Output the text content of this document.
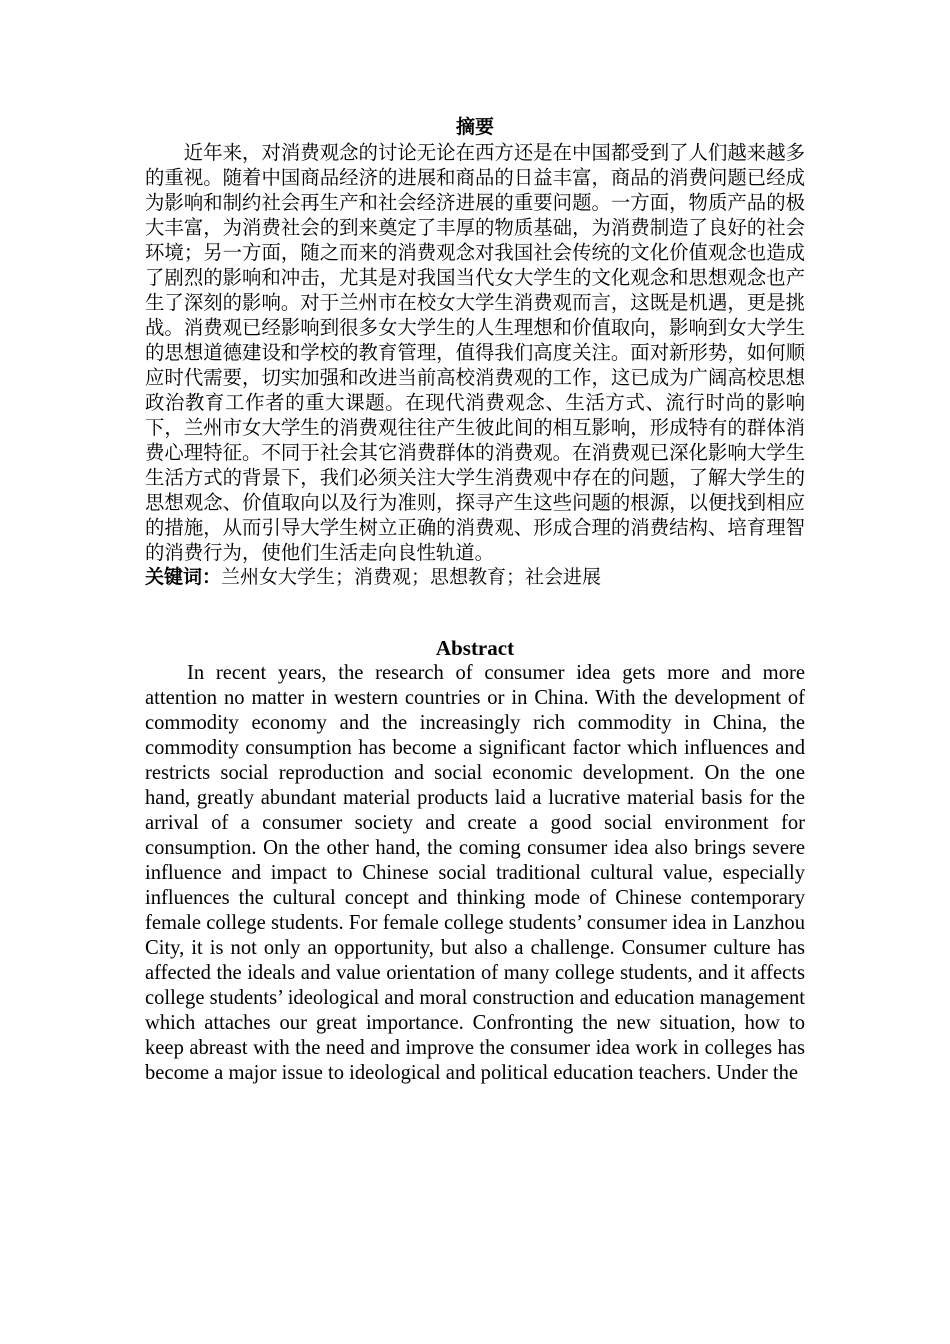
摘要

近年来，对消费观念的讨论无论在西方还是在中国都受到了人们越来越多的重视。随着中国商品经济的进展和商品的日益丰富，商品的消费问题已经成为影响和制约社会再生产和社会经济进展的重要问题。一方面，物质产品的极大丰富，为消费社会的到来奠定了丰厚的物质基础，为消费制造了良好的社会环境；另一方面，随之而来的消费观念对我国社会传统的文化价值观念也造成了剧烈的影响和冲击，尤其是对我国当代女大学生的文化观念和思想观念也产生了深刻的影响。对于兰州市在校女大学生消费观而言，这既是机遇，更是挑战。消费观已经影响到很多女大学生的人生理想和价值取向，影响到女大学生的思想道德建设和学校的教育管理，值得我们高度关注。面对新形势，如何顺应时代需要，切实加强和改进当前高校消费观的工作，这已成为广阔高校思想政治教育工作者的重大课题。在现代消费观念、生活方式、流行时尚的影响下，兰州市女大学生的消费观往往产生彼此间的相互影响，形成特有的群体消费心理特征。不同于社会其它消费群体的消费观。在消费观已深化影响大学生生活方式的背景下，我们必须关注大学生消费观中存在的问题，了解大学生的思想观念、价值取向以及行为准则，探寻产生这些问题的根源，以便找到相应的措施，从而引导大学生树立正确的消费观、形成合理的消费结构、培育理智的消费行为，使他们生活走向良性轨道。

关键词：兰州女大学生；消费观；思想教育；社会进展

Abstract

In recent years, the research of consumer idea gets more and more attention no matter in western countries or in China. With the development of commodity economy and the increasingly rich commodity in China, the commodity consumption has become a significant factor which influences and restricts social reproduction and social economic development. On the one hand, greatly abundant material products laid a lucrative material basis for the arrival of a consumer society and create a good social environment for consumption. On the other hand, the coming consumer idea also brings severe influence and impact to Chinese social traditional cultural value, especially influences the cultural concept and thinking mode of Chinese contemporary female college students. For female college students’ consumer idea in Lanzhou City, it is not only an opportunity, but also a challenge. Consumer culture has affected the ideals and value orientation of many college students, and it affects college students’ ideological and moral construction and education management which attaches our great importance. Confronting the new situation, how to keep abreast with the need and improve the consumer idea work in colleges has become a major issue to ideological and political education teachers. Under the
